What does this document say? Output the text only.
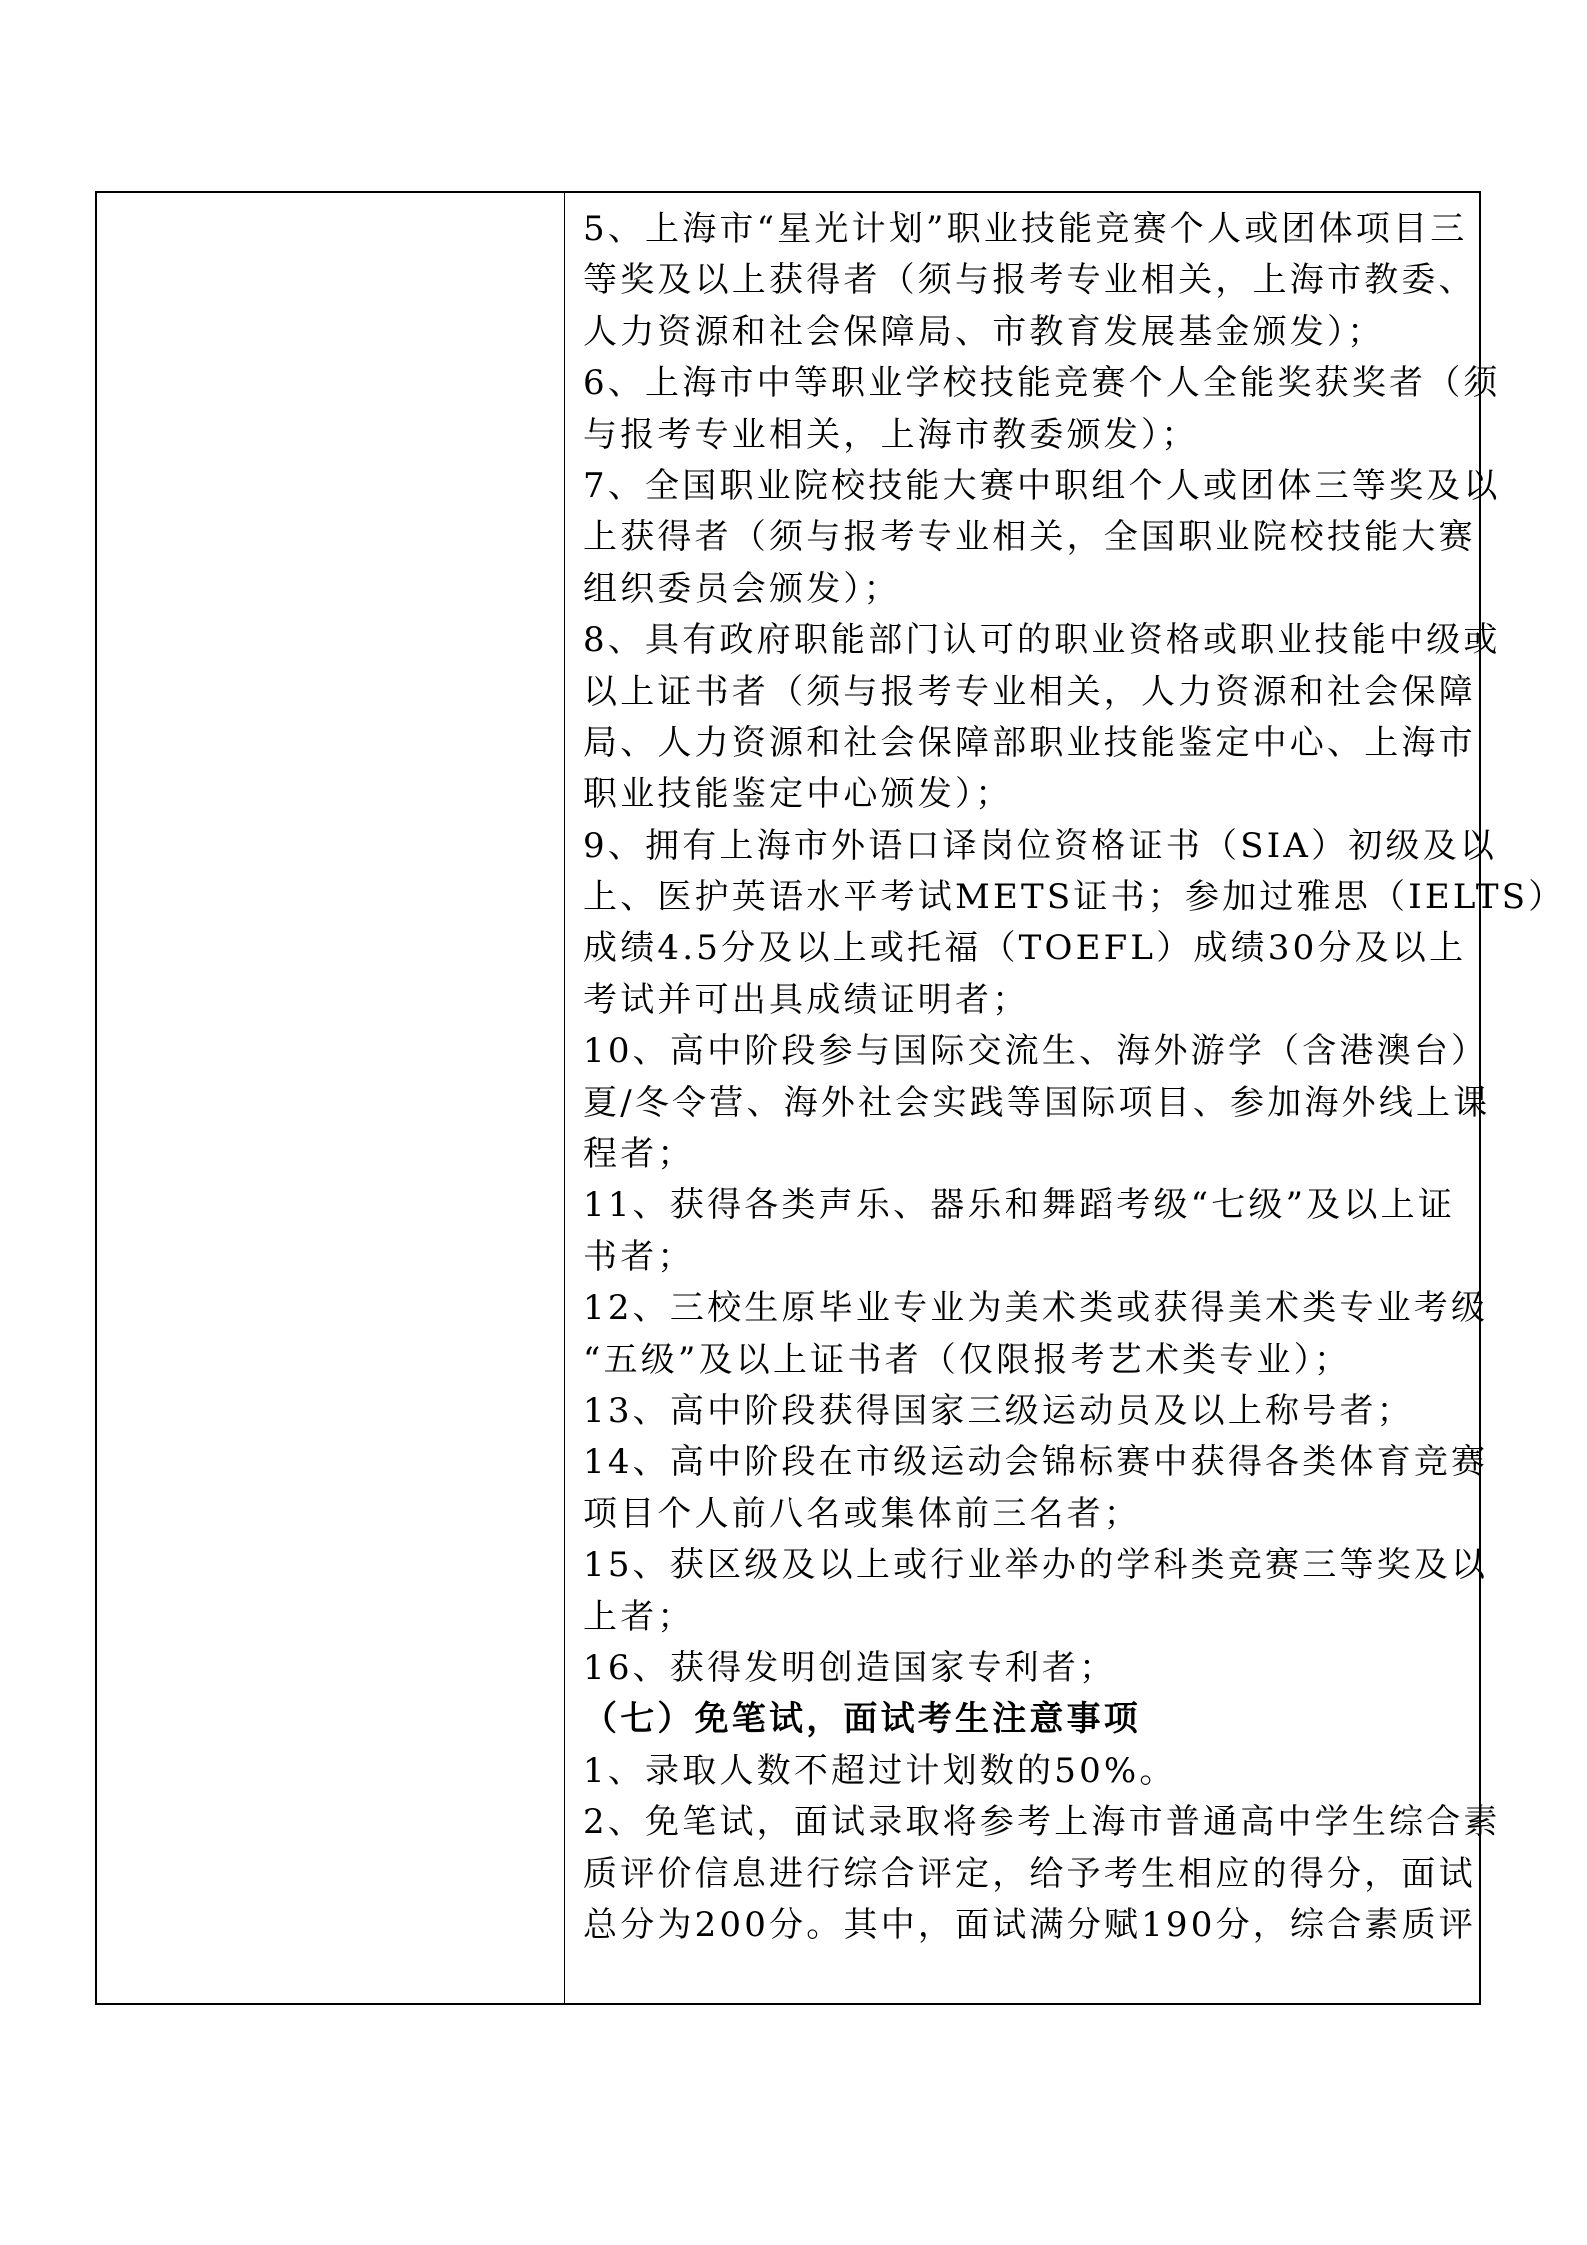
5、上海市“星光计划”职业技能竞赛个人或团体项目三
等奖及以上获得者（须与报考专业相关，上海市教委、
人力资源和社会保障局、市教育发展基金颁发）；
6、上海市中等职业学校技能竞赛个人全能奖获奖者（须
与报考专业相关，上海市教委颁发）；
7、全国职业院校技能大赛中职组个人或团体三等奖及以
上获得者（须与报考专业相关，全国职业院校技能大赛
组织委员会颁发）；
8、具有政府职能部门认可的职业资格或职业技能中级或
以上证书者（须与报考专业相关，人力资源和社会保障
局、人力资源和社会保障部职业技能鉴定中心、上海市
职业技能鉴定中心颁发）；
9、拥有上海市外语口译岗位资格证书（SIA）初级及以
上、医护英语水平考试METS证书；参加过雅思（IELTS）
成绩4.5分及以上或托福（TOEFL）成绩30分及以上
考试并可出具成绩证明者；
10、高中阶段参与国际交流生、海外游学（含港澳台）
夏/冬令营、海外社会实践等国际项目、参加海外线上课
程者；
11、获得各类声乐、器乐和舞蹈考级“七级”及以上证
书者；
12、三校生原毕业专业为美术类或获得美术类专业考级
“五级”及以上证书者（仅限报考艺术类专业）；
13、高中阶段获得国家三级运动员及以上称号者；
14、高中阶段在市级运动会锦标赛中获得各类体育竞赛
项目个人前八名或集体前三名者；
15、获区级及以上或行业举办的学科类竞赛三等奖及以
上者；
16、获得发明创造国家专利者；
（七）免笔试，面试考生注意事项
1、录取人数不超过计划数的50%。
2、免笔试，面试录取将参考上海市普通高中学生综合素
质评价信息进行综合评定，给予考生相应的得分，面试
总分为200分。其中，面试满分赋190分，综合素质评
